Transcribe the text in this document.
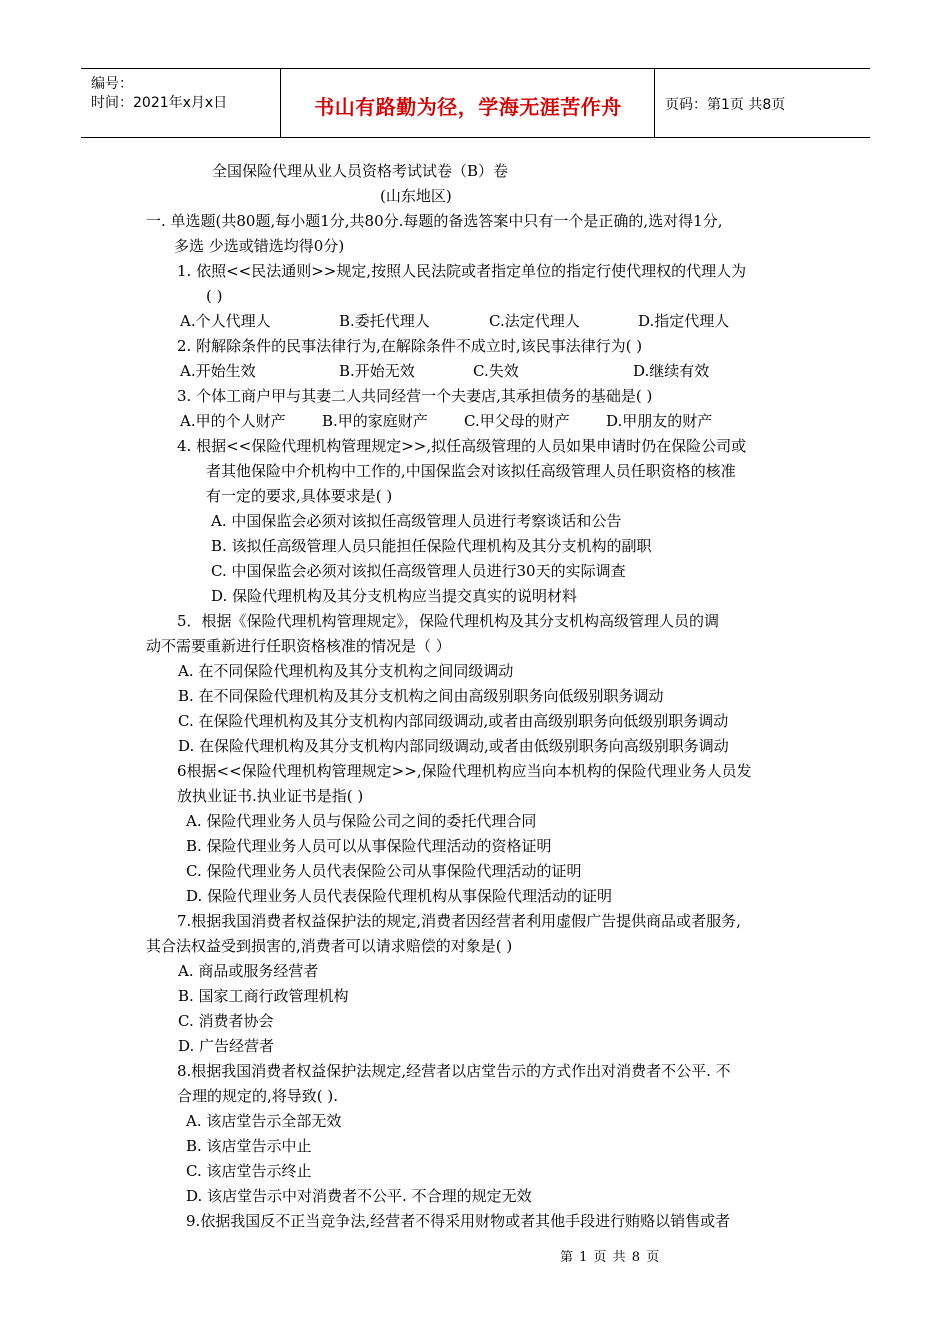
编号：
时间：2021年x月x日	书山有路勤为径，学海无涯苦作舟	页码：第1页 共8页
全国保险代理从业人员资格考试试卷（B）卷
(山东地区)
一. 单选题(共80题,每小题1分,共80分.每题的备选答案中只有一个是正确的,选对得1分,
多选 少选或错选均得0分)
1. 依照<<民法通则>>规定,按照人民法院或者指定单位的指定行使代理权的代理人为
( )
A.个人代理人	B.委托代理人	C.法定代理人	D.指定代理人
2. 附解除条件的民事法律行为,在解除条件不成立时,该民事法律行为( )
A.开始生效	B.开始无效	C.失效	D.继续有效
3. 个体工商户甲与其妻二人共同经营一个夫妻店,其承担债务的基础是( )
A.甲的个人财产 B.甲的家庭财产 C.甲父母的财产 D.甲朋友的财产
4. 根据<<保险代理机构管理规定>>,拟任高级管理的人员如果申请时仍在保险公司或
者其他保险中介机构中工作的,中国保监会对该拟任高级管理人员任职资格的核准
有一定的要求,具体要求是( )
A. 中国保监会必须对该拟任高级管理人员进行考察谈话和公告
B. 该拟任高级管理人员只能担任保险代理机构及其分支机构的副职
C. 中国保监会必须对该拟任高级管理人员进行30天的实际调查
D. 保险代理机构及其分支机构应当提交真实的说明材料
5．根据《保险代理机构管理规定》，保险代理机构及其分支机构高级管理人员的调
动不需要重新进行任职资格核准的情况是（ ）
A. 在不同保险代理机构及其分支机构之间同级调动
B. 在不同保险代理机构及其分支机构之间由高级别职务向低级别职务调动
C. 在保险代理机构及其分支机构内部同级调动,或者由高级别职务向低级别职务调动
D. 在保险代理机构及其分支机构内部同级调动,或者由低级别职务向高级别职务调动
6根据<<保险代理机构管理规定>>,保险代理机构应当向本机构的保险代理业务人员发
放执业证书.执业证书是指( )
A. 保险代理业务人员与保险公司之间的委托代理合同
B. 保险代理业务人员可以从事保险代理活动的资格证明
C. 保险代理业务人员代表保险公司从事保险代理活动的证明
D. 保险代理业务人员代表保险代理机构从事保险代理活动的证明
7.根据我国消费者权益保护法的规定,消费者因经营者利用虚假广告提供商品或者服务,
其合法权益受到损害的,消费者可以请求赔偿的对象是( )
A. 商品或服务经营者
B. 国家工商行政管理机构
C. 消费者协会
D. 广告经营者
8.根据我国消费者权益保护法规定,经营者以店堂告示的方式作出对消费者不公平. 不
合理的规定的,将导致( ).
A. 该店堂告示全部无效
B. 该店堂告示中止
C. 该店堂告示终止
D. 该店堂告示中对消费者不公平. 不合理的规定无效
9.依据我国反不正当竞争法,经营者不得采用财物或者其他手段进行贿赂以销售或者
第 1 页 共 8 页
